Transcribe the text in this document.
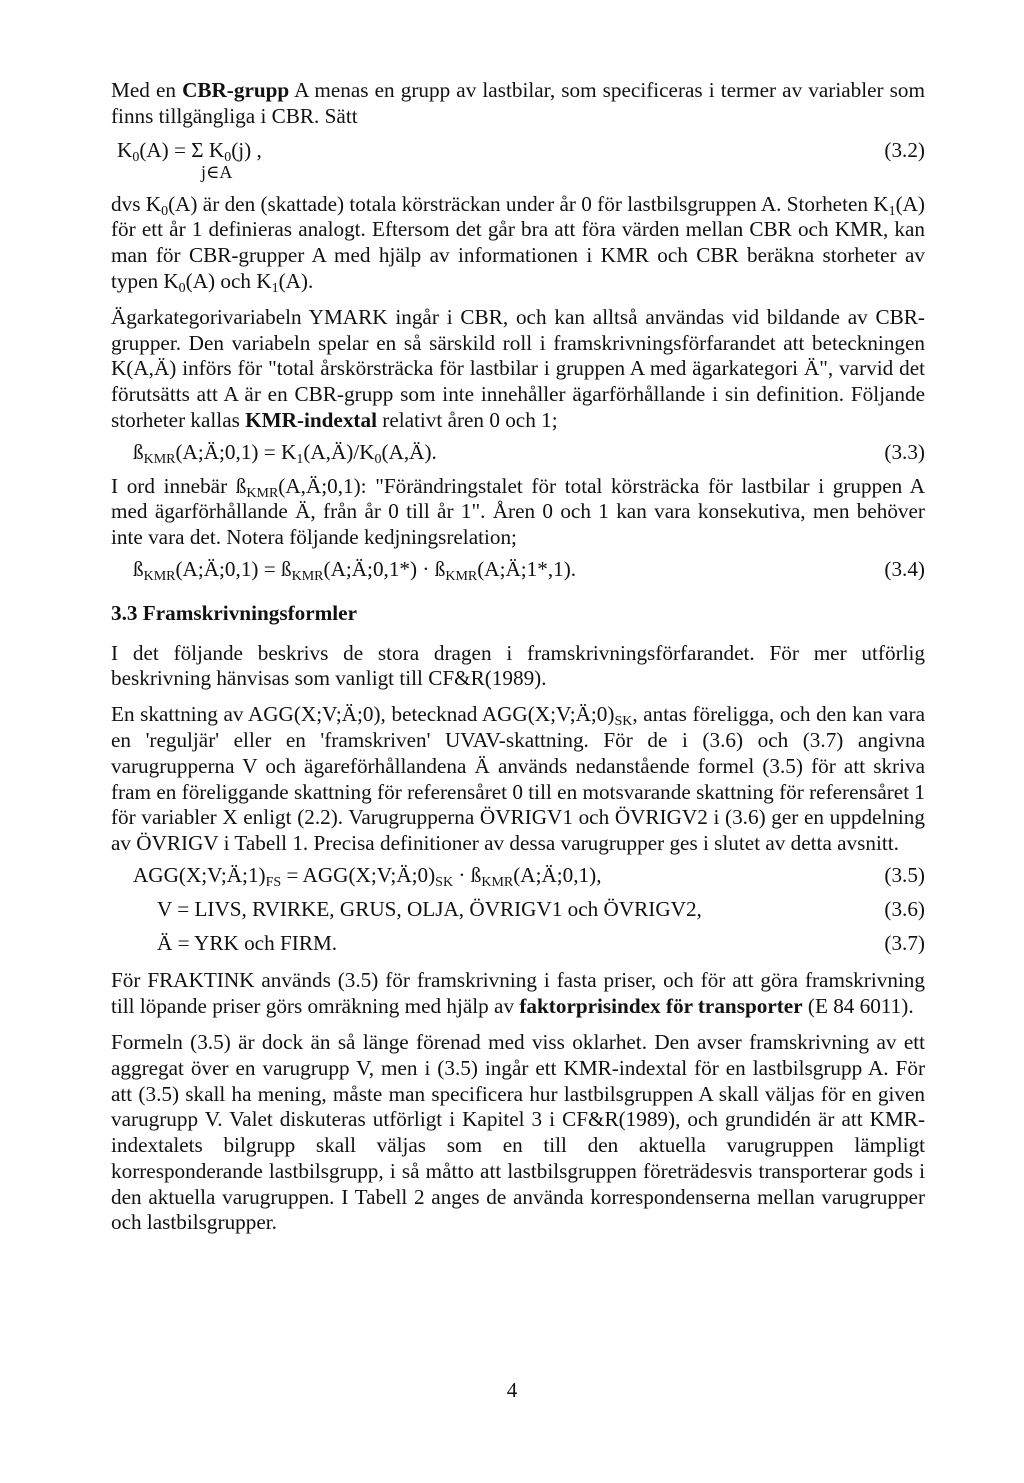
Med en CBR-grupp A menas en grupp av lastbilar, som specificeras i termer av variabler som finns tillgängliga i CBR. Sätt

$K_0(A) = \Sigma$ $K_0(j)$ ,
j∈A
(3.2)

dvs $K_0(A)$ är den (skattade) totala körsträckan under år 0 för lastbilsgruppen A. Storheten $K_1(A)$ för ett år 1 definieras analogt. Eftersom det går bra att föra värden mellan CBR och KMR, kan man för CBR-grupper A med hjälp av informationen i KMR och CBR beräkna storheter av typen $K_0(A)$ och $K_1(A)$.

Ägarkategorivariabeln YMARK ingår i CBR, och kan alltså användas vid bildande av CBR-grupper. Den variabeln spelar en så särskild roll i framskrivningsförfarandet att beteckningen K(A,Ä) införs för "total årskörsträcka för lastbilar i gruppen A med ägarkategori Ä", varvid det förutsätts att A är en CBR-grupp som inte innehåller ägarförhållande i sin definition. Följande storheter kallas KMR-indextal relativt åren 0 och 1;

$ß_{KMR}(A;Ä;0,1)$ = $K_1(A,Ä)/K_0(A,Ä)$.	(3.3)

I ord innebär $ß_{KMR}(A,Ä;0,1)$: "Förändringstalet för total körsträcka för lastbilar i gruppen A med ägarförhållande Ä, från år 0 till år 1". Åren 0 och 1 kan vara konsekutiva, men behöver inte vara det. Notera följande kedjningsrelation;

$ß_{KMR}(A;Ä;0,1)$ = $ß_{KMR}(A;Ä;0,1*)$ · $ß_{KMR}(A;Ä;1*,1)$.	(3.4)
3.3 Framskrivningsformler

I det följande beskrivs de stora dragen i framskrivningsförfarandet. För mer utförlig beskrivning hänvisas som vanligt till CF&R(1989).

En skattning av AGG(X;V;Ä;0), betecknad $AGG(X;V;Ä;0)_{SK}$, antas föreligga, och den kan vara en 'reguljär' eller en 'framskriven' UVAV-skattning. För de i (3.6) och (3.7) angivna varugrupperna V och ägareförhållandena Ä används nedanstående formel (3.5) för att skriva fram en föreliggande skattning för referensåret 0 till en motsvarande skattning för referensåret 1 för variabler X enligt (2.2). Varugrupperna ÖVRIGV1 och ÖVRIGV2 i (3.6) ger en uppdelning av ÖVRIGV i Tabell 1. Precisa definitioner av dessa varugrupper ges i slutet av detta avsnitt.

$AGG(X;V;Ä;1)_{FS}$ = $AGG(X;V;Ä;0)_{SK}$ · $ß_{KMR}(A;Ä;0,1)$,	(3.5)
V = LIVS, RVIRKE, GRUS, OLJA, ÖVRIGV1 och ÖVRIGV2,	(3.6)
Ä = YRK och FIRM.	(3.7)

För FRAKTINK används (3.5) för framskrivning i fasta priser, och för att göra framskrivning till löpande priser görs omräkning med hjälp av faktorprisindex för transporter (E 84 6011).

Formeln (3.5) är dock än så länge förenad med viss oklarhet. Den avser framskrivning av ett aggregat över en varugrupp V, men i (3.5) ingår ett KMR-indextal för en lastbilsgrupp A. För att (3.5) skall ha mening, måste man specificera hur lastbilsgruppen A skall väljas för en given varugrupp V. Valet diskuteras utförligt i Kapitel 3 i CF&R(1989), och grundidén är att KMR-indextalets bilgrupp skall väljas som en till den aktuella varugruppen lämpligt korresponderande lastbilsgrupp, i så måtto att lastbilsgruppen företrädesvis transporterar gods i den aktuella varugruppen. I Tabell 2 anges de använda korrespondenserna mellan varugrupper och lastbilsgrupper.

4
